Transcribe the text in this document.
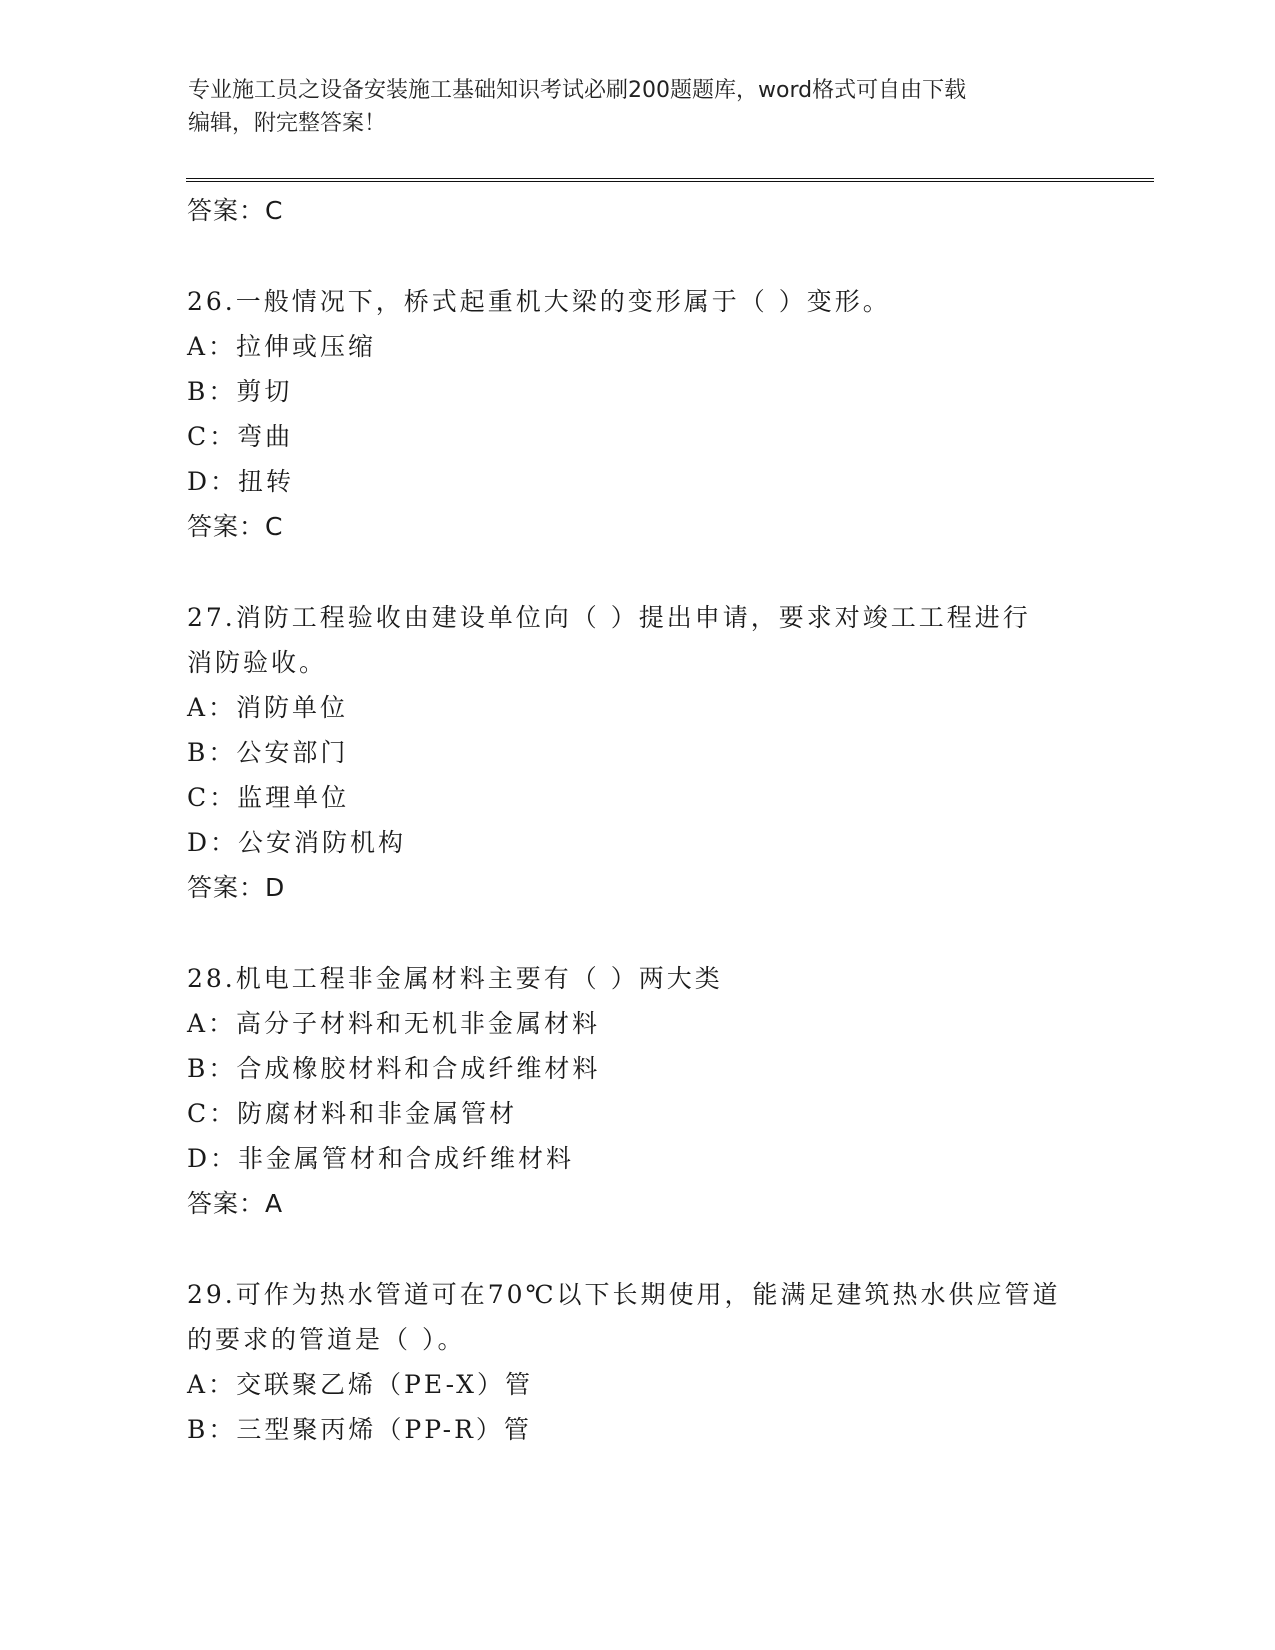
专业施工员之设备安装施工基础知识考试必刷200题题库，word格式可自由下载
编辑，附完整答案！
答案：C
26.一般情况下，桥式起重机大梁的变形属于（ ）变形。
A：拉伸或压缩
B：剪切
C：弯曲
D：扭转
答案：C
27.消防工程验收由建设单位向（ ）提出申请，要求对竣工工程进行
消防验收。
A：消防单位
B：公安部门
C：监理单位
D：公安消防机构
答案：D
28.机电工程非金属材料主要有（ ）两大类
A：高分子材料和无机非金属材料
B：合成橡胶材料和合成纤维材料
C：防腐材料和非金属管材
D：非金属管材和合成纤维材料
答案：A
29.可作为热水管道可在70℃以下长期使用，能满足建筑热水供应管道
的要求的管道是（ ）。
A：交联聚乙烯（PE-X）管
B：三型聚丙烯（PP-R）管
